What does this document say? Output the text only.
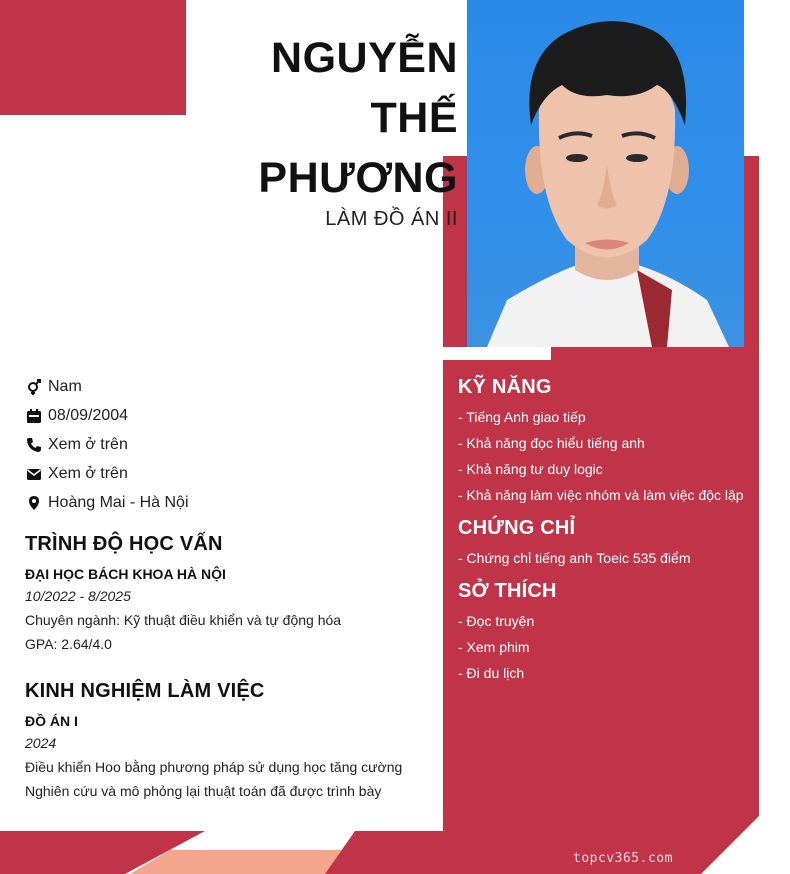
NGUYỄN
THẾ
PHƯƠNG
LÀM ĐỒ ÁN II
Nam
08/09/2004
Xem ở trên
Xem ở trên
Hoàng Mai - Hà Nội
TRÌNH ĐỘ HỌC VẤN
ĐẠI HỌC BÁCH KHOA HÀ NỘI
10/2022 - 8/2025
Chuyên ngành: Kỹ thuật điều khiển và tự động hóa
GPA: 2.64/4.0
KINH NGHIỆM LÀM VIỆC
ĐỒ ÁN I
2024
Điều khiển Hoo bằng phương pháp sử dụng học tăng cường
Nghiên cứu và mô phỏng lại thuật toán đã được trình bày
KỸ NĂNG
- Tiếng Anh giao tiếp
- Khả năng đọc hiểu tiếng anh
- Khả năng tư duy logic
- Khả năng làm việc nhóm và làm việc độc lập
CHỨNG CHỈ
- Chứng chỉ tiếng anh Toeic 535 điểm
SỞ THÍCH
- Đọc truyện
- Xem phim
- Đi du lịch
topcv365.com
